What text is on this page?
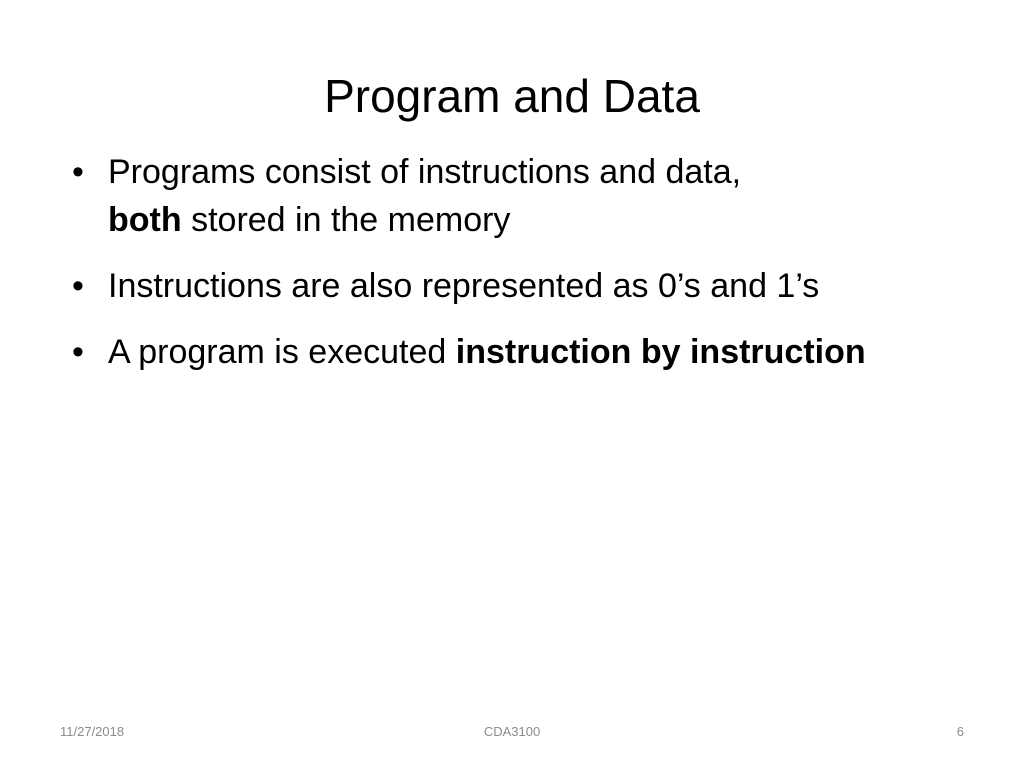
Program and Data
• Programs consist of instructions and data,
both stored in the memory
• Instructions are also represented as 0’s and 1’s
• A program is executed instruction by instruction
11/27/2018	CDA3100	6
